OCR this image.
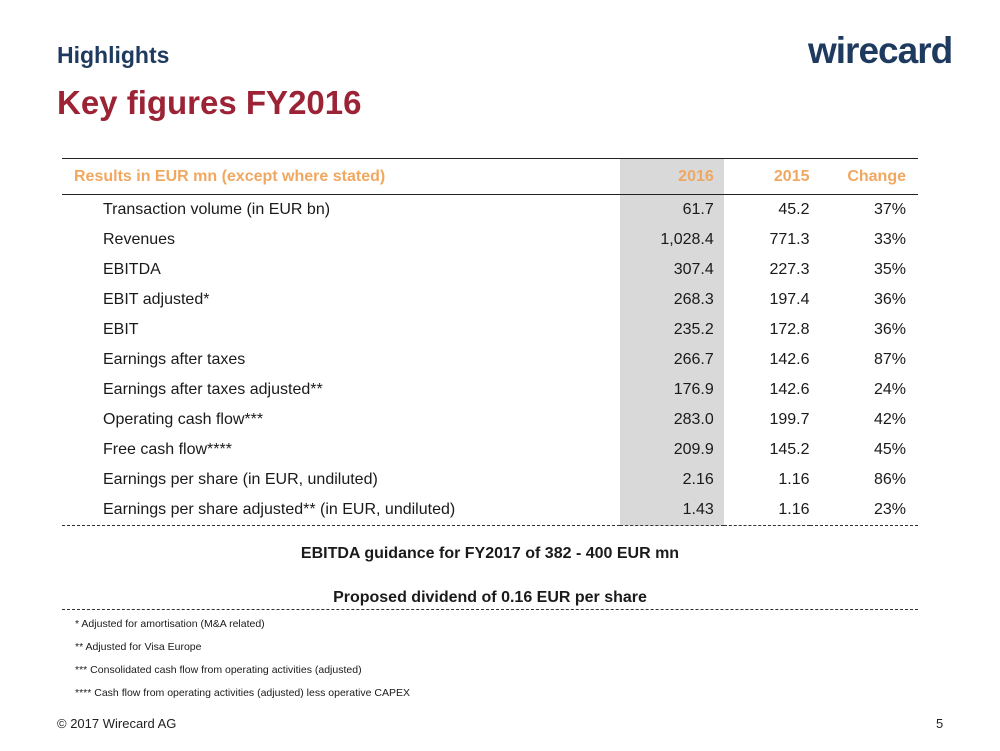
Highlights
Key figures FY2016
wirecard
Results in EUR mn (except where stated)	2016	2015	Change
Transaction volume (in EUR bn)	61.7	45.2	37%
Revenues	1,028.4	771.3	33%
EBITDA	307.4	227.3	35%
EBIT adjusted*	268.3	197.4	36%
EBIT	235.2	172.8	36%
Earnings after taxes	266.7	142.6	87%
Earnings after taxes adjusted**	176.9	142.6	24%
Operating cash flow***	283.0	199.7	42%
Free cash flow****	209.9	145.2	45%
Earnings per share (in EUR, undiluted)	2.16	1.16	86%
Earnings per share adjusted** (in EUR, undiluted)	1.43	1.16	23%

EBITDA guidance for FY2017 of 382 - 400 EUR mn

Proposed dividend of 0.16 EUR per share

* Adjusted for amortisation (M&A related)
** Adjusted for Visa Europe
*** Consolidated cash flow from operating activities (adjusted)
**** Cash flow from operating activities (adjusted) less operative CAPEX
© 2017 Wirecard AG	5
